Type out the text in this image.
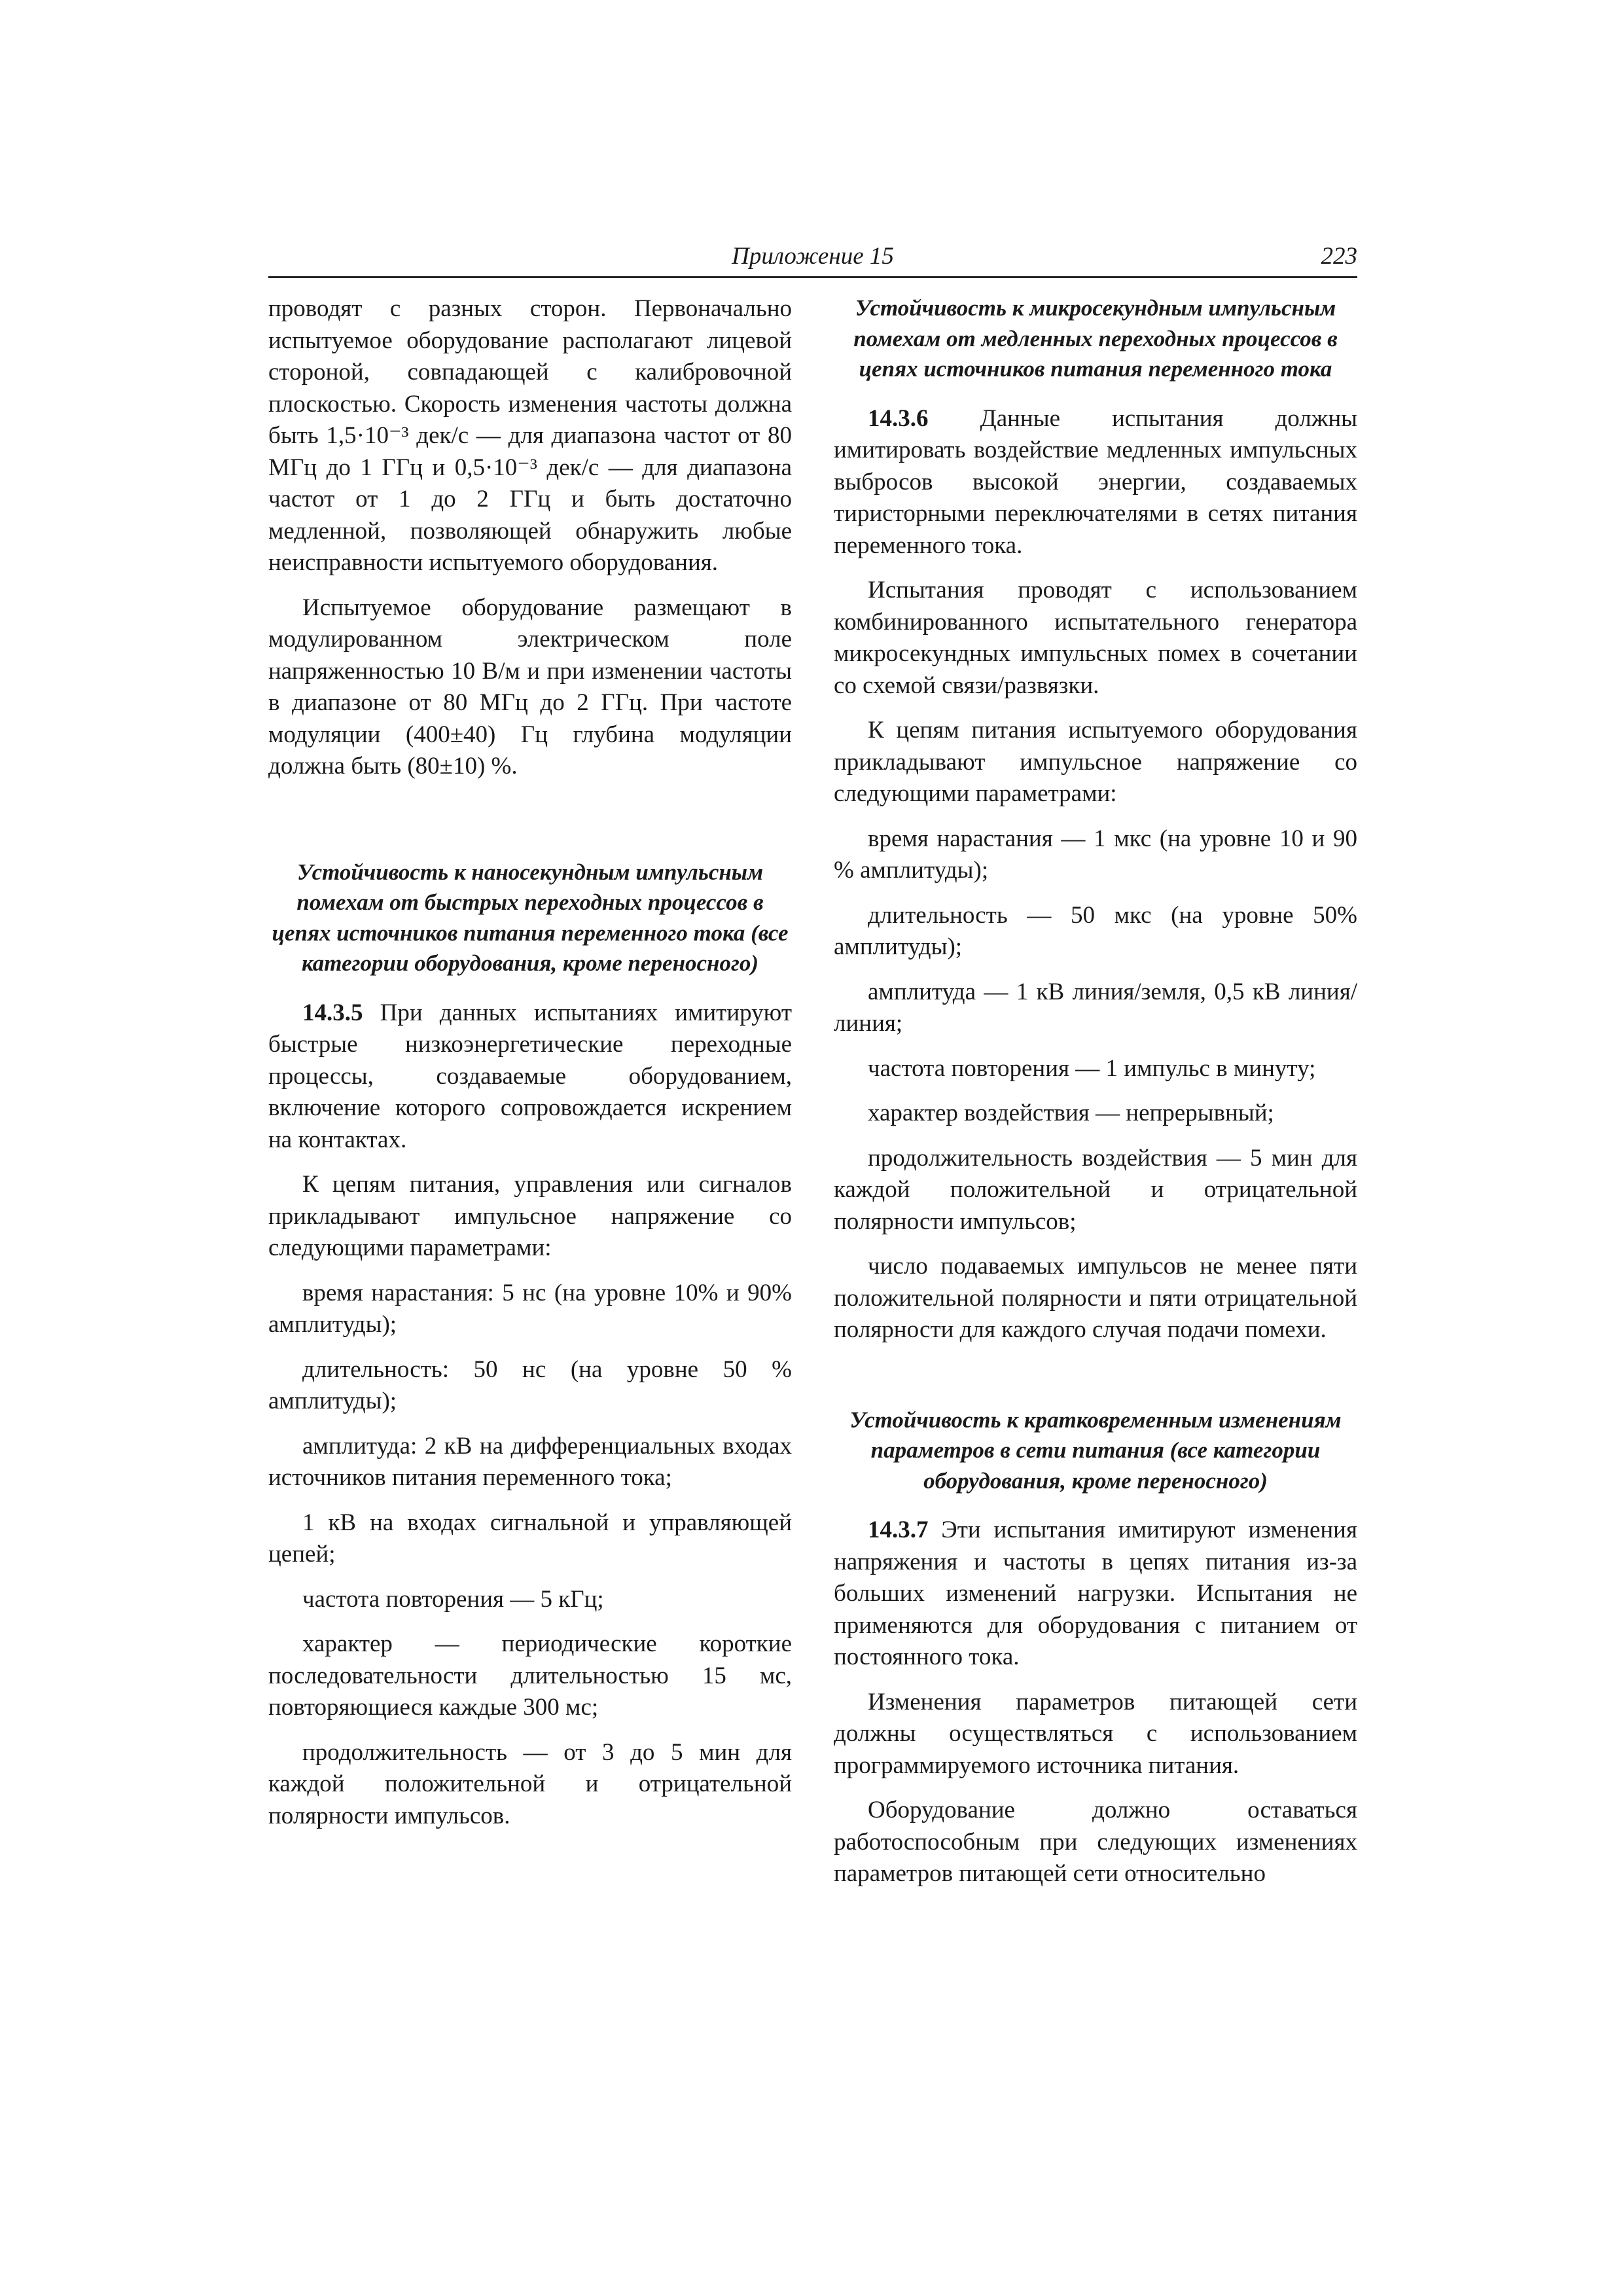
Приложение 15	223

проводят с разных сторон. Первоначально испытуемое оборудование располагают лицевой стороной, совпадающей с калибровочной плоскостью. Скорость изменения частоты должна быть 1,5·10⁻³ дек/с — для диапазона частот от 80 МГц до 1 ГГц и 0,5·10⁻³ дек/с — для диапазона частот от 1 до 2 ГГц и быть достаточно медленной, позволяющей обнаружить любые неисправности испытуемого оборудования.

Испытуемое оборудование размещают в модулированном электрическом поле напряженностью 10 В/м и при изменении частоты в диапазоне от 80 МГц до 2 ГГц. При частоте модуляции (400±40) Гц глубина модуляции должна быть (80±10) %.

Устойчивость к наносекундным импульсным помехам от быстрых переходных процессов в цепях источников питания переменного тока (все категории оборудования, кроме переносного)

14.3.5 При данных испытаниях имитируют быстрые низкоэнергетические переходные процессы, создаваемые оборудованием, включение которого сопровождается искрением на контактах.

К цепям питания, управления или сигналов прикладывают импульсное напряжение со следующими параметрами:

время нарастания: 5 нс (на уровне 10% и 90% амплитуды);

длительность: 50 нс (на уровне 50 % амплитуды);

амплитуда: 2 кВ на дифференциальных входах источников питания переменного тока;

1 кВ на входах сигнальной и управляющей цепей;

частота повторения — 5 кГц;

характер — периодические короткие последовательности длительностью 15 мс, повторяющиеся каждые 300 мс;

продолжительность — от 3 до 5 мин для каждой положительной и отрицательной полярности импульсов.

Устойчивость к микросекундным импульсным помехам от медленных переходных процессов в цепях источников питания переменного тока

14.3.6 Данные испытания должны имитировать воздействие медленных импульсных выбросов высокой энергии, создаваемых тиристорными переключателями в сетях питания переменного тока.

Испытания проводят с использованием комбинированного испытательного генератора микросекундных импульсных помех в сочетании со схемой связи/развязки.

К цепям питания испытуемого оборудования прикладывают импульсное напряжение со следующими параметрами:

время нарастания — 1 мкс (на уровне 10 и 90 % амплитуды);

длительность — 50 мкс (на уровне 50% амплитуды);

амплитуда — 1 кВ линия/земля, 0,5 кВ линия/линия;

частота повторения — 1 импульс в минуту;

характер воздействия — непрерывный;

продолжительность воздействия — 5 мин для каждой положительной и отрицательной полярности импульсов;

число подаваемых импульсов не менее пяти положительной полярности и пяти отрицательной полярности для каждого случая подачи помехи.

Устойчивость к кратковременным изменениям параметров в сети питания (все категории оборудования, кроме переносного)

14.3.7 Эти испытания имитируют изменения напряжения и частоты в цепях питания из-за больших изменений нагрузки. Испытания не применяются для оборудования с питанием от постоянного тока.

Изменения параметров питающей сети должны осуществляться с использованием программируемого источника питания.

Оборудование должно оставаться работоспособным при следующих изменениях параметров питающей сети относительно
